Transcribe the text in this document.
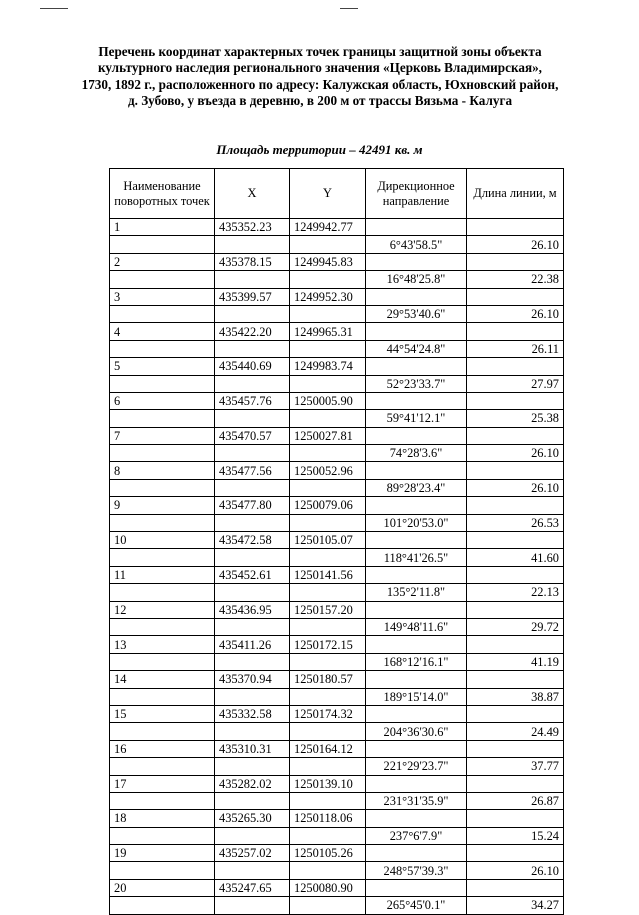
Перечень координат характерных точек границы защитной зоны объекта
культурного наследия регионального значения «Церковь Владимирская»,
1730, 1892 г., расположенного по адресу: Калужская область, Юхновский район,
д. Зубово, у въезда в деревню, в 200 м от трассы Вязьма - Калуга
Площадь территории – 42491 кв. м
Наименование поворотных точек	X	Y	Дирекционное направление	Длина линии, м
1	435352.23	1249942.77		
			6°43'58.5"	26.10
2	435378.15	1249945.83		
			16°48'25.8"	22.38
3	435399.57	1249952.30		
			29°53'40.6"	26.10
4	435422.20	1249965.31		
			44°54'24.8"	26.11
5	435440.69	1249983.74		
			52°23'33.7"	27.97
6	435457.76	1250005.90		
			59°41'12.1"	25.38
7	435470.57	1250027.81		
			74°28'3.6"	26.10
8	435477.56	1250052.96		
			89°28'23.4"	26.10
9	435477.80	1250079.06		
			101°20'53.0"	26.53
10	435472.58	1250105.07		
			118°41'26.5"	41.60
11	435452.61	1250141.56		
			135°2'11.8"	22.13
12	435436.95	1250157.20		
			149°48'11.6"	29.72
13	435411.26	1250172.15		
			168°12'16.1"	41.19
14	435370.94	1250180.57		
			189°15'14.0"	38.87
15	435332.58	1250174.32		
			204°36'30.6"	24.49
16	435310.31	1250164.12		
			221°29'23.7"	37.77
17	435282.02	1250139.10		
			231°31'35.9"	26.87
18	435265.30	1250118.06		
			237°6'7.9"	15.24
19	435257.02	1250105.26		
			248°57'39.3"	26.10
20	435247.65	1250080.90		
			265°45'0.1"	34.27
